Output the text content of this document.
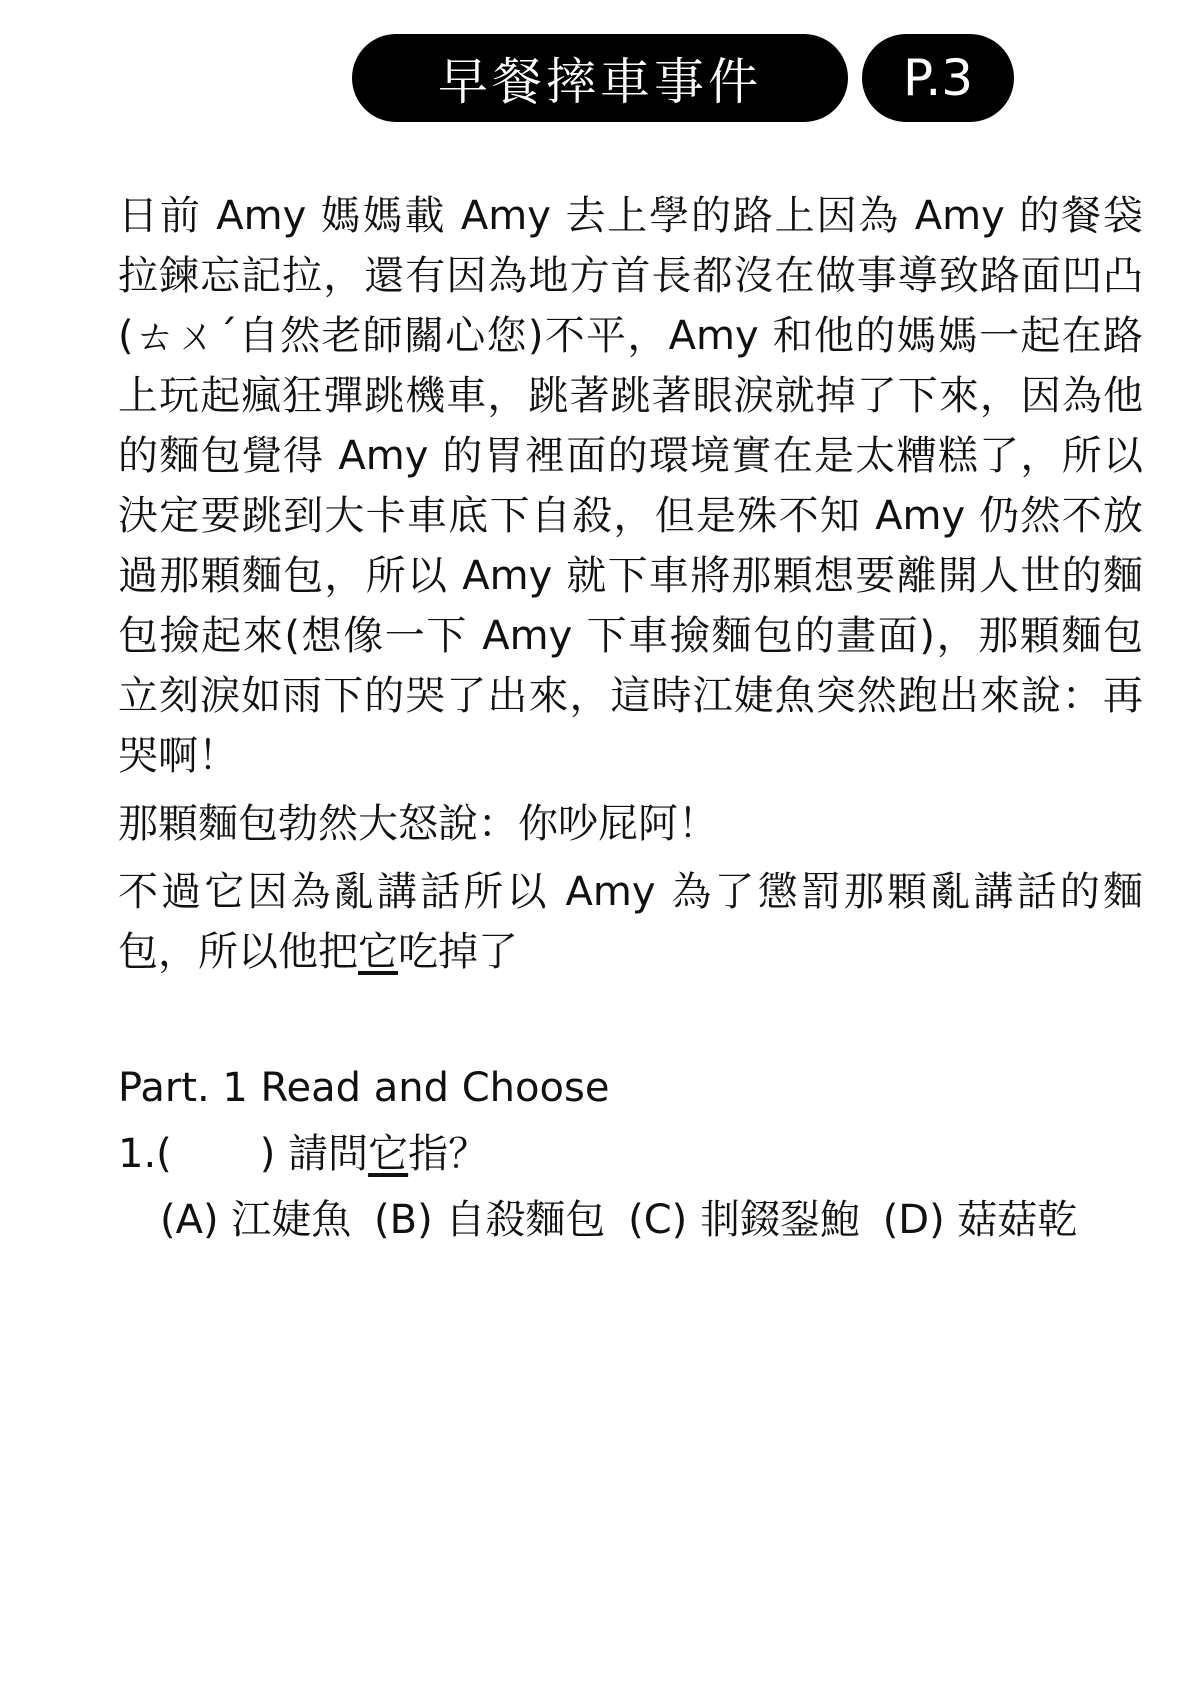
早餐摔車事件	P.3

日前 Amy 媽媽載 Amy 去上學的路上因為 Amy 的餐袋拉鍊忘記拉，還有因為地方首長都沒在做事導致路面凹凸(ㄊㄨˊ自然老師關心您)不平，Amy 和他的媽媽一起在路上玩起瘋狂彈跳機車，跳著跳著眼淚就掉了下來，因為他的麵包覺得 Amy 的胃裡面的環境實在是太糟糕了，所以決定要跳到大卡車底下自殺，但是殊不知 Amy 仍然不放過那顆麵包，所以 Amy 就下車將那顆想要離開人世的麵包撿起來(想像一下 Amy 下車撿麵包的畫面)，那顆麵包立刻淚如雨下的哭了出來，這時江婕魚突然跑出來說：再哭啊！

那顆麵包勃然大怒說：你吵屁阿！

不過它因為亂講話所以 Amy 為了懲罰那顆亂講話的麵包，所以他把它吃掉了

Part. 1 Read and Choose
1.( ) 請問它指？
(A) 江婕魚 (B) 自殺麵包 (C) 剕錣銐鮑 (D) 菇菇乾
